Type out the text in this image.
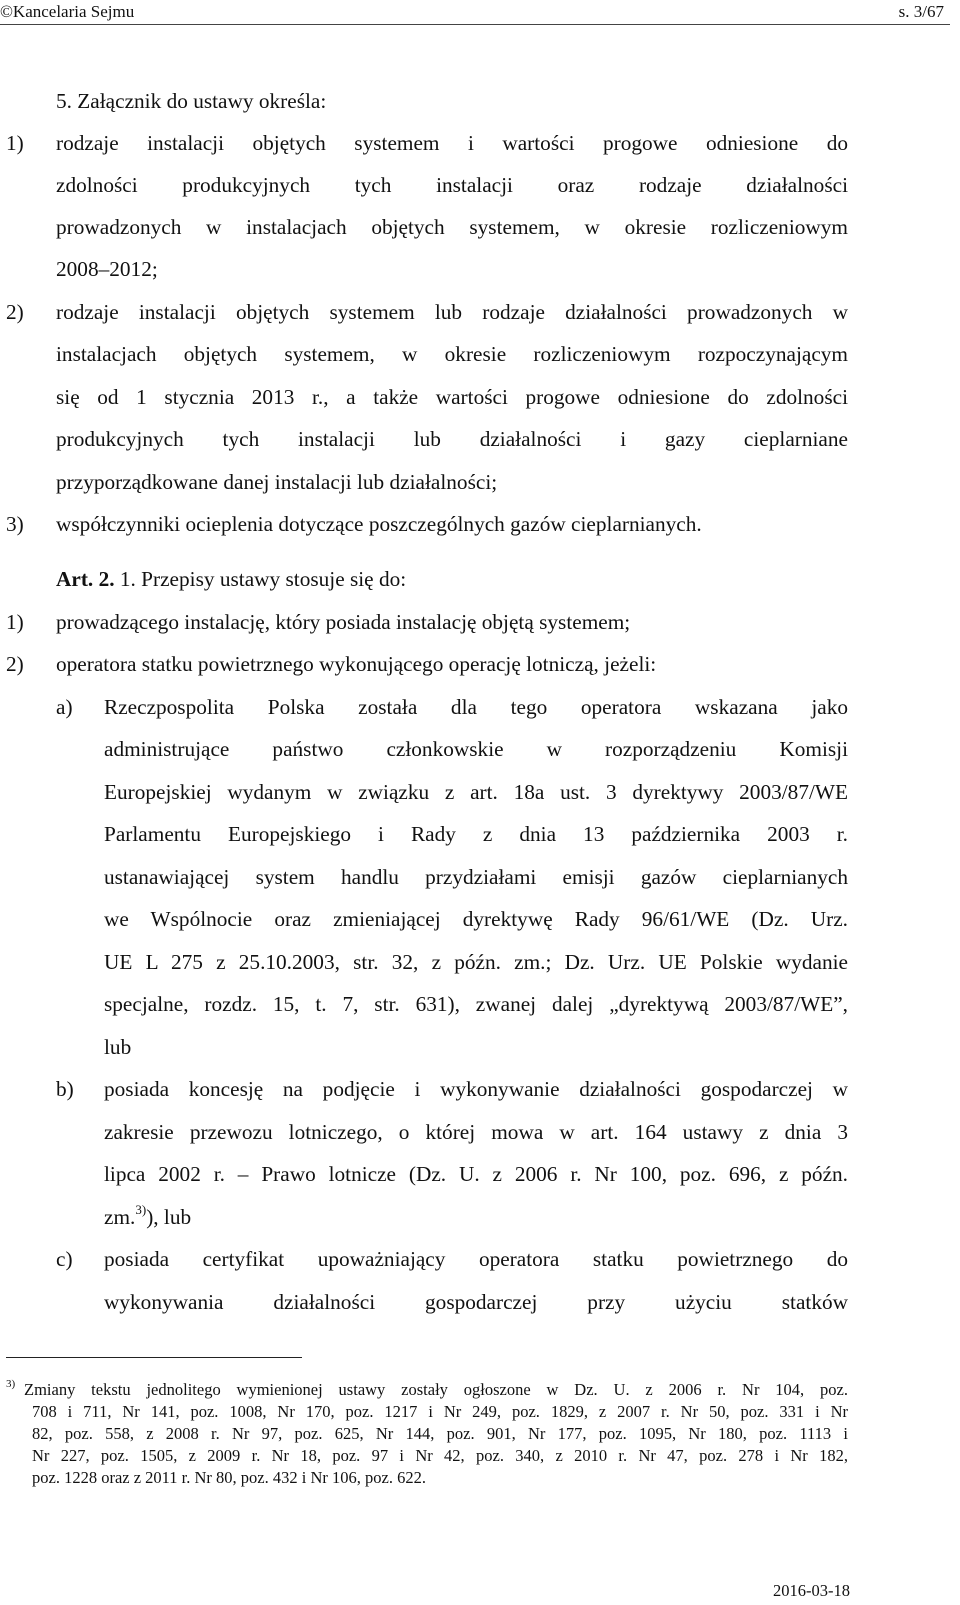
©Kancelaria Sejmu	s. 3/67
5. Załącznik do ustawy określa:
1) rodzaje instalacji objętych systemem i wartości progowe odniesione do
zdolności produkcyjnych tych instalacji oraz rodzaje działalności
prowadzonych w instalacjach objętych systemem, w okresie rozliczeniowym
2008–2012;
2) rodzaje instalacji objętych systemem lub rodzaje działalności prowadzonych w
instalacjach objętych systemem, w okresie rozliczeniowym rozpoczynającym
się od 1 stycznia 2013 r., a także wartości progowe odniesione do zdolności
produkcyjnych tych instalacji lub działalności i gazy cieplarniane
przyporządkowane danej instalacji lub działalności;
3) współczynniki ocieplenia dotyczące poszczególnych gazów cieplarnianych.
Art. 2. 1. Przepisy ustawy stosuje się do:
1) prowadzącego instalację, który posiada instalację objętą systemem;
2) operatora statku powietrznego wykonującego operację lotniczą, jeżeli:
a) Rzeczpospolita Polska została dla tego operatora wskazana jako
administrujące państwo członkowskie w rozporządzeniu Komisji
Europejskiej wydanym w związku z art. 18a ust. 3 dyrektywy 2003/87/WE
Parlamentu Europejskiego i Rady z dnia 13 października 2003 r.
ustanawiającej system handlu przydziałami emisji gazów cieplarnianych
we Wspólnocie oraz zmieniającej dyrektywę Rady 96/61/WE (Dz. Urz.
UE L 275 z 25.10.2003, str. 32, z późn. zm.; Dz. Urz. UE Polskie wydanie
specjalne, rozdz. 15, t. 7, str. 631), zwanej dalej „dyrektywą 2003/87/WE”,
lub
b) posiada koncesję na podjęcie i wykonywanie działalności gospodarczej w
zakresie przewozu lotniczego, o której mowa w art. 164 ustawy z dnia 3
lipca 2002 r. – Prawo lotnicze (Dz. U. z 2006 r. Nr 100, poz. 696, z późn.
zm.$^{3)}$), lub
c) posiada certyfikat upoważniający operatora statku powietrznego do
wykonywania działalności gospodarczej przy użyciu statków
3) Zmiany tekstu jednolitego wymienionej ustawy zostały ogłoszone w Dz. U. z 2006 r. Nr 104, poz.
708 i 711, Nr 141, poz. 1008, Nr 170, poz. 1217 i Nr 249, poz. 1829, z 2007 r. Nr 50, poz. 331 i Nr
82, poz. 558, z 2008 r. Nr 97, poz. 625, Nr 144, poz. 901, Nr 177, poz. 1095, Nr 180, poz. 1113 i
Nr 227, poz. 1505, z 2009 r. Nr 18, poz. 97 i Nr 42, poz. 340, z 2010 r. Nr 47, poz. 278 i Nr 182,
poz. 1228 oraz z 2011 r. Nr 80, poz. 432 i Nr 106, poz. 622.
2016-03-18
